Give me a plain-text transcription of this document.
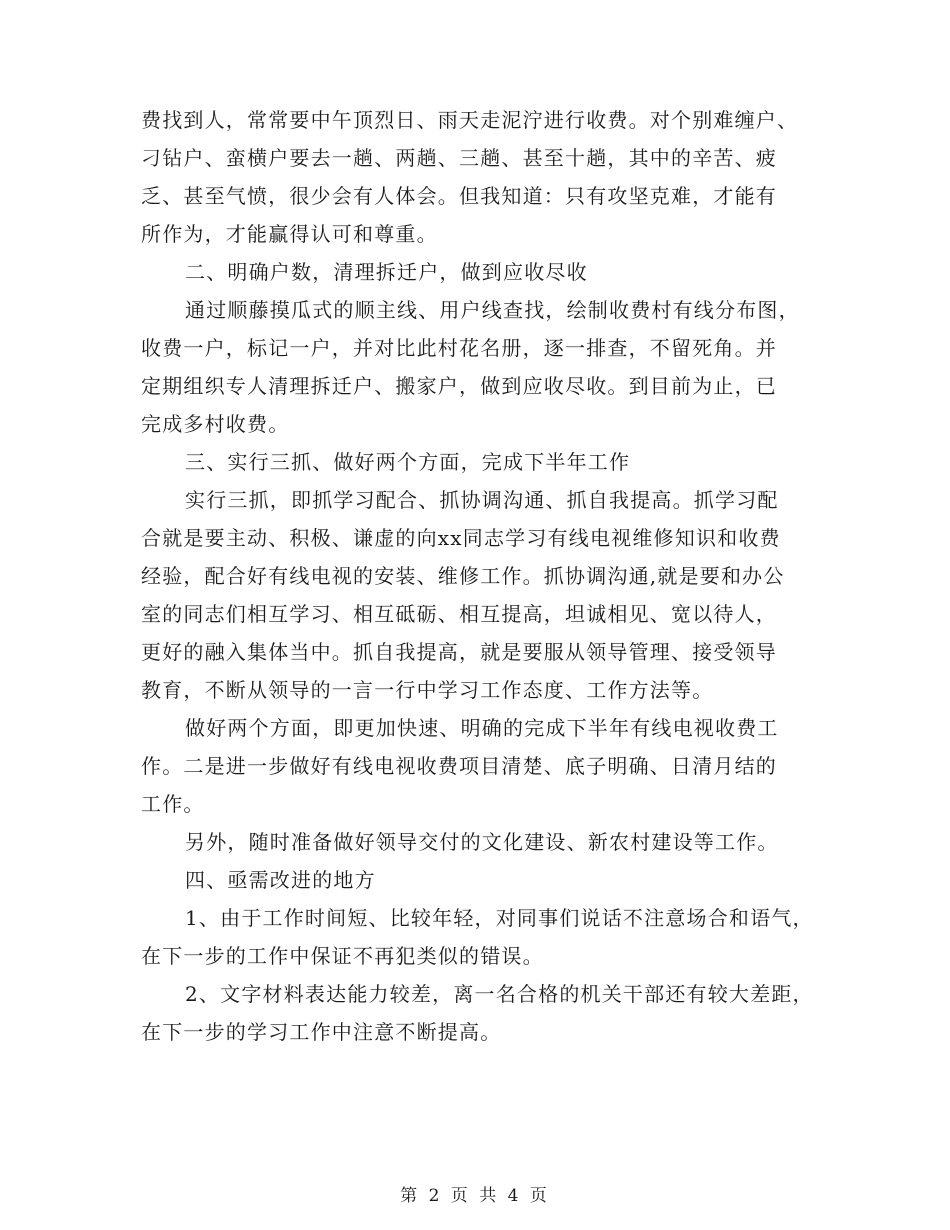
费找到人，常常要中午顶烈日、雨天走泥泞进行收费。对个别难缠户、
刁钻户、蛮横户要去一趟、两趟、三趟、甚至十趟，其中的辛苦、疲
乏、甚至气愤，很少会有人体会。但我知道：只有攻坚克难，才能有
所作为，才能赢得认可和尊重。
二、明确户数，清理拆迁户，做到应收尽收
通过顺藤摸瓜式的顺主线、用户线查找，绘制收费村有线分布图，
收费一户，标记一户，并对比此村花名册，逐一排查，不留死角。并
定期组织专人清理拆迁户、搬家户，做到应收尽收。到目前为止，已
完成多村收费。
三、实行三抓、做好两个方面，完成下半年工作
实行三抓，即抓学习配合、抓协调沟通、抓自我提高。抓学习配
合就是要主动、积极、谦虚的向xx同志学习有线电视维修知识和收费
经验，配合好有线电视的安装、维修工作。抓协调沟通,就是要和办公
室的同志们相互学习、相互砥砺、相互提高，坦诚相见、宽以待人，
更好的融入集体当中。抓自我提高，就是要服从领导管理、接受领导
教育，不断从领导的一言一行中学习工作态度、工作方法等。
做好两个方面，即更加快速、明确的完成下半年有线电视收费工
作。二是进一步做好有线电视收费项目清楚、底子明确、日清月结的
工作。
另外，随时准备做好领导交付的文化建设、新农村建设等工作。
四、亟需改进的地方
1、由于工作时间短、比较年轻，对同事们说话不注意场合和语气，
在下一步的工作中保证不再犯类似的错误。
2、文字材料表达能力较差，离一名合格的机关干部还有较大差距，
在下一步的学习工作中注意不断提高。
第 2 页 共 4 页
